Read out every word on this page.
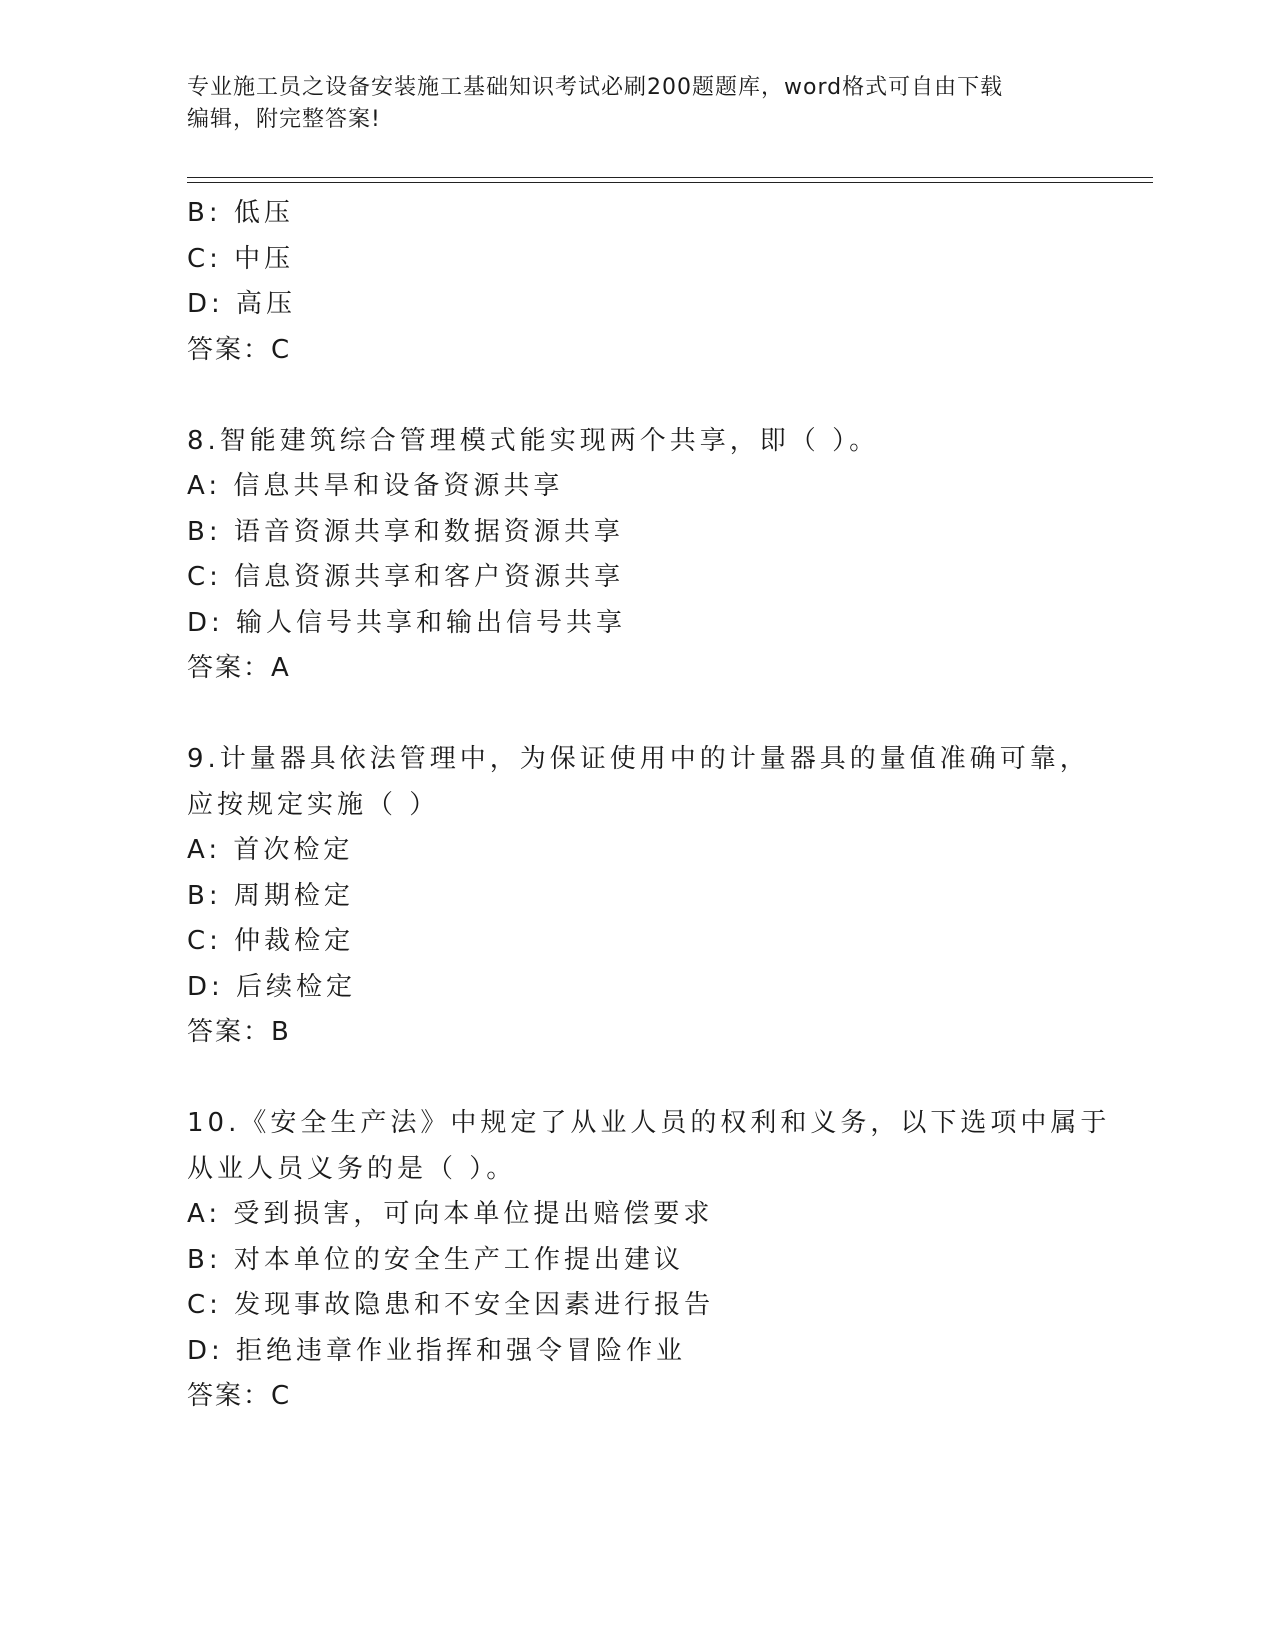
专业施工员之设备安装施工基础知识考试必刷200题题库，word格式可自由下载
编辑，附完整答案!
B: 低压
C: 中压
D: 高压
答案：C
8.智能建筑综合管理模式能实现两个共享，即（ ）。
A: 信息共旱和设备资源共享
B: 语音资源共享和数据资源共享
C: 信息资源共享和客户资源共享
D: 输人信号共享和输出信号共享
答案：A
9.计量器具依法管理中，为保证使用中的计量器具的量值准确可靠，
应按规定实施（ ）
A: 首次检定
B: 周期检定
C: 仲裁检定
D: 后续检定
答案：B
10.《安全生产法》中规定了从业人员的权利和义务，以下选项中属于
从业人员义务的是（ ）。
A: 受到损害，可向本单位提出赔偿要求
B: 对本单位的安全生产工作提出建议
C: 发现事故隐患和不安全因素进行报告
D: 拒绝违章作业指挥和强令冒险作业
答案：C
